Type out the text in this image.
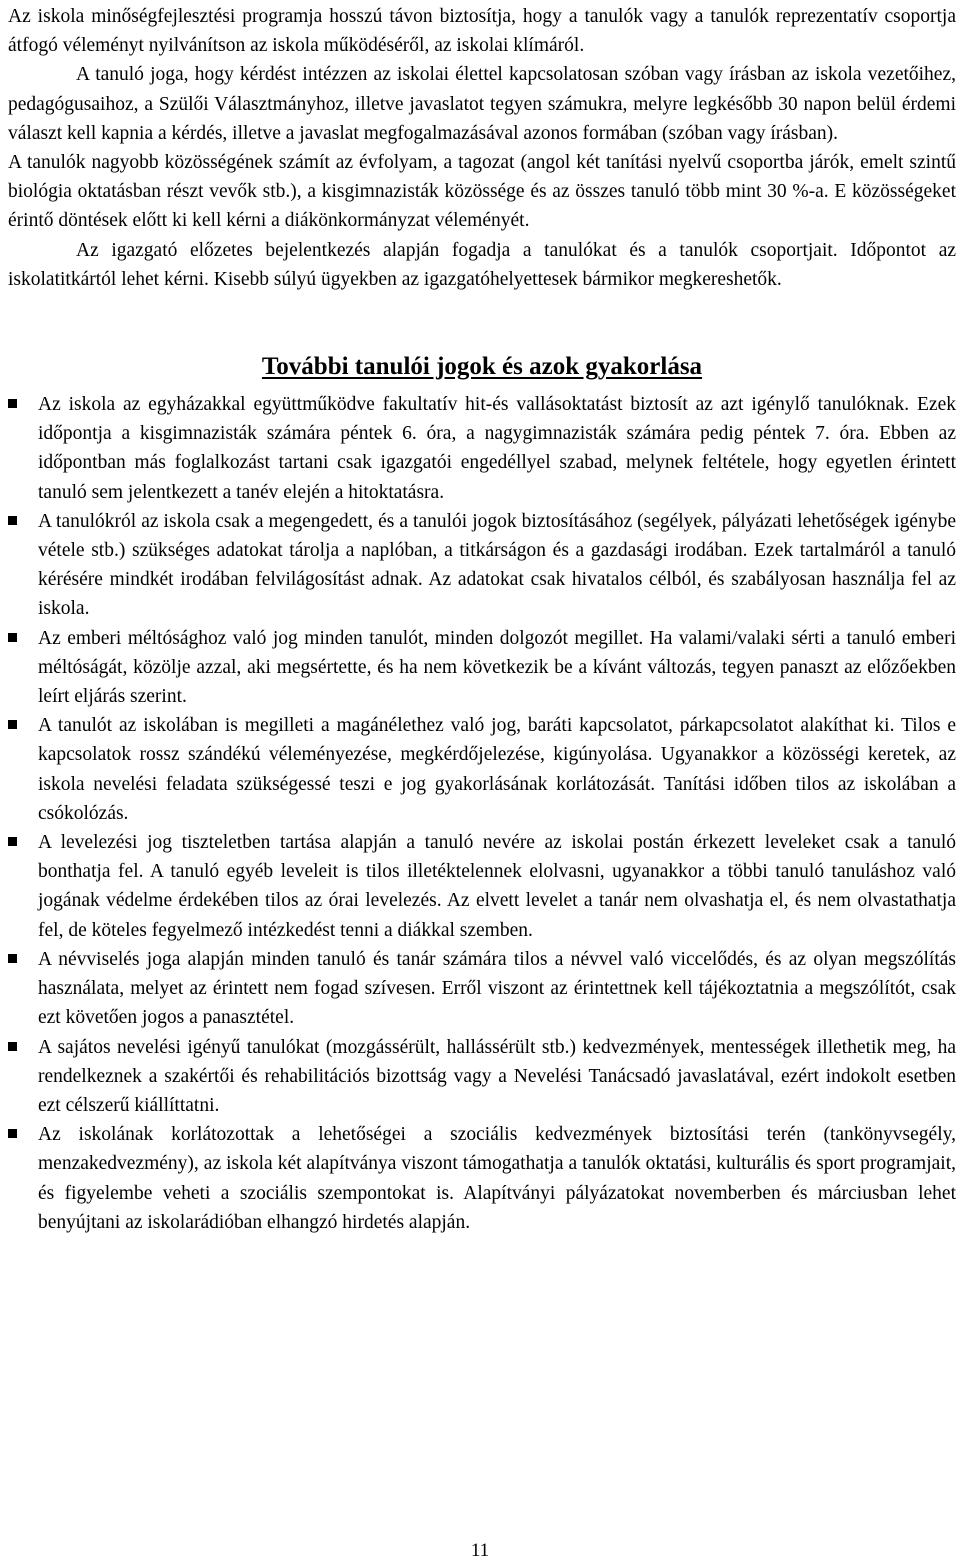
Az iskola minőségfejlesztési programja hosszú távon biztosítja, hogy a tanulók vagy a tanulók reprezentatív csoportja átfogó véleményt nyilvánítson az iskola működéséről, az iskolai klímáról.

A tanuló joga, hogy kérdést intézzen az iskolai élettel kapcsolatosan szóban vagy írásban az iskola vezetőihez, pedagógusaihoz, a Szülői Választmányhoz, illetve javaslatot tegyen számukra, melyre legkésőbb 30 napon belül érdemi választ kell kapnia a kérdés, illetve a javaslat megfogalmazásával azonos formában (szóban vagy írásban).

A tanulók nagyobb közösségének számít az évfolyam, a tagozat (angol két tanítási nyelvű csoportba járók, emelt szintű biológia oktatásban részt vevők stb.), a kisgimnazisták közössége és az összes tanuló több mint 30 %-a. E közösségeket érintő döntések előtt ki kell kérni a diákönkormányzat véleményét.

Az igazgató előzetes bejelentkezés alapján fogadja a tanulókat és a tanulók csoportjait. Időpontot az iskolatitkártól lehet kérni. Kisebb súlyú ügyekben az igazgatóhelyettesek bármikor megkereshetők.

További tanulói jogok és azok gyakorlása
Az iskola az egyházakkal együttműködve fakultatív hit-és vallásoktatást biztosít az azt igénylő tanulóknak. Ezek időpontja a kisgimnazisták számára péntek 6. óra, a nagygimnazisták számára pedig péntek 7. óra. Ebben az időpontban más foglalkozást tartani csak igazgatói engedéllyel szabad, melynek feltétele, hogy egyetlen érintett tanuló sem jelentkezett a tanév elején a hitoktatásra.
A tanulókról az iskola csak a megengedett, és a tanulói jogok biztosításához (segélyek, pályázati lehetőségek igénybe vétele stb.) szükséges adatokat tárolja a naplóban, a titkárságon és a gazdasági irodában. Ezek tartalmáról a tanuló kérésére mindkét irodában felvilágosítást adnak. Az adatokat csak hivatalos célból, és szabályosan használja fel az iskola.
Az emberi méltósághoz való jog minden tanulót, minden dolgozót megillet. Ha valami/valaki sérti a tanuló emberi méltóságát, közölje azzal, aki megsértette, és ha nem következik be a kívánt változás, tegyen panaszt az előzőekben leírt eljárás szerint.
A tanulót az iskolában is megilleti a magánélethez való jog, baráti kapcsolatot, párkapcsolatot alakíthat ki. Tilos e kapcsolatok rossz szándékú véleményezése, megkérdőjelezése, kigúnyolása. Ugyanakkor a közösségi keretek, az iskola nevelési feladata szükségessé teszi e jog gyakorlásának korlátozását. Tanítási időben tilos az iskolában a csókolózás.
A levelezési jog tiszteletben tartása alapján a tanuló nevére az iskolai postán érkezett leveleket csak a tanuló bonthatja fel. A tanuló egyéb leveleit is tilos illetéktelennek elolvasni, ugyanakkor a többi tanuló tanuláshoz való jogának védelme érdekében tilos az órai levelezés. Az elvett levelet a tanár nem olvashatja el, és nem olvastathatja fel, de köteles fegyelmező intézkedést tenni a diákkal szemben.
A névviselés joga alapján minden tanuló és tanár számára tilos a névvel való viccelődés, és az olyan megszólítás használata, melyet az érintett nem fogad szívesen. Erről viszont az érintettnek kell tájékoztatnia a megszólítót, csak ezt követően jogos a panasztétel.
A sajátos nevelési igényű tanulókat (mozgássérült, hallássérült stb.) kedvezmények, mentességek illethetik meg, ha rendelkeznek a szakértői és rehabilitációs bizottság vagy a Nevelési Tanácsadó javaslatával, ezért indokolt esetben ezt célszerű kiállíttatni.
Az iskolának korlátozottak a lehetőségei a szociális kedvezmények biztosítási terén (tankönyvsegély, menzakedvezmény), az iskola két alapítványa viszont támogathatja a tanulók oktatási, kulturális és sport programjait, és figyelembe veheti a szociális szempontokat is. Alapítványi pályázatokat novemberben és márciusban lehet benyújtani az iskolarádióban elhangzó hirdetés alapján.
11
